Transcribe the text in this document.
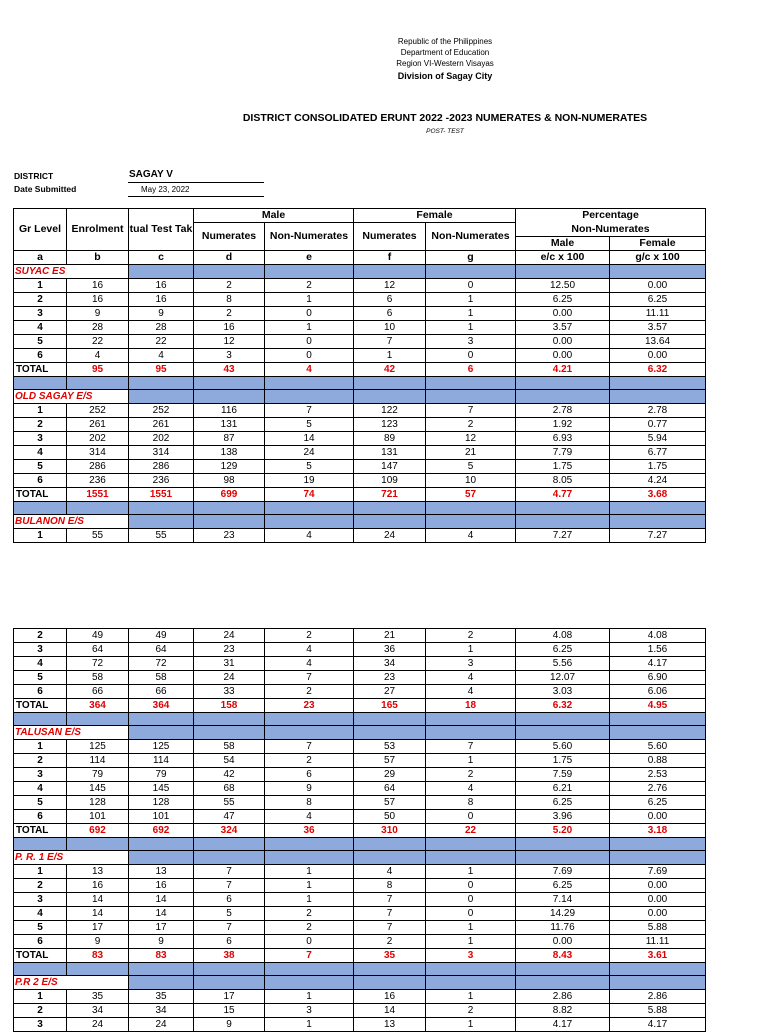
Republic of the Philippines
Department of Education
Region VI-Western Visayas
Division of Sagay City
DISTRICT CONSOLIDATED ERUNT 2022 -2023 NUMERATES & NON-NUMERATES
POST- TEST
DISTRICT
Date Submitted
SAGAY V
May 23, 2022
Gr Level	Enrolment	tual Test Tak	Male		Female		Percentage	
			Numerates	Non-Numerates	Numerates	Non-Numerates	Non-Numerates	
							Male	Female
a	b	c	d	e	f	g	e/c x 100	g/c x 100
SUYAC ES								
1	16	16	2	2	12	0	12.50	0.00
2	16	16	8	1	6	1	6.25	6.25
3	9	9	2	0	6	1	0.00	11.11
4	28	28	16	1	10	1	3.57	3.57
5	22	22	12	0	7	3	0.00	13.64
6	4	4	3	0	1	0	0.00	0.00
TOTAL	95	95	43	4	42	6	4.21	6.32

OLD SAGAY E/S								
1	252	252	116	7	122	7	2.78	2.78
2	261	261	131	5	123	2	1.92	0.77
3	202	202	87	14	89	12	6.93	5.94
4	314	314	138	24	131	21	7.79	6.77
5	286	286	129	5	147	5	1.75	1.75
6	236	236	98	19	109	10	8.05	4.24
TOTAL	1551	1551	699	74	721	57	4.77	3.68

BULANON E/S								
1	55	55	23	4	24	4	7.27	7.27
2	49	49	24	2	21	2	4.08	4.08
3	64	64	23	4	36	1	6.25	1.56
4	72	72	31	4	34	3	5.56	4.17
5	58	58	24	7	23	4	12.07	6.90
6	66	66	33	2	27	4	3.03	6.06
TOTAL	364	364	158	23	165	18	6.32	4.95

TALUSAN E/S								
1	125	125	58	7	53	7	5.60	5.60
2	114	114	54	2	57	1	1.75	0.88
3	79	79	42	6	29	2	7.59	2.53
4	145	145	68	9	64	4	6.21	2.76
5	128	128	55	8	57	8	6.25	6.25
6	101	101	47	4	50	0	3.96	0.00
TOTAL	692	692	324	36	310	22	5.20	3.18

P. R. 1 E/S								
1	13	13	7	1	4	1	7.69	7.69
2	16	16	7	1	8	0	6.25	0.00
3	14	14	6	1	7	0	7.14	0.00
4	14	14	5	2	7	0	14.29	0.00
5	17	17	7	2	7	1	11.76	5.88
6	9	9	6	0	2	1	0.00	11.11
TOTAL	83	83	38	7	35	3	8.43	3.61

P.R 2 E/S								
1	35	35	17	1	16	1	2.86	2.86
2	34	34	15	3	14	2	8.82	5.88
3	24	24	9	1	13	1	4.17	4.17
